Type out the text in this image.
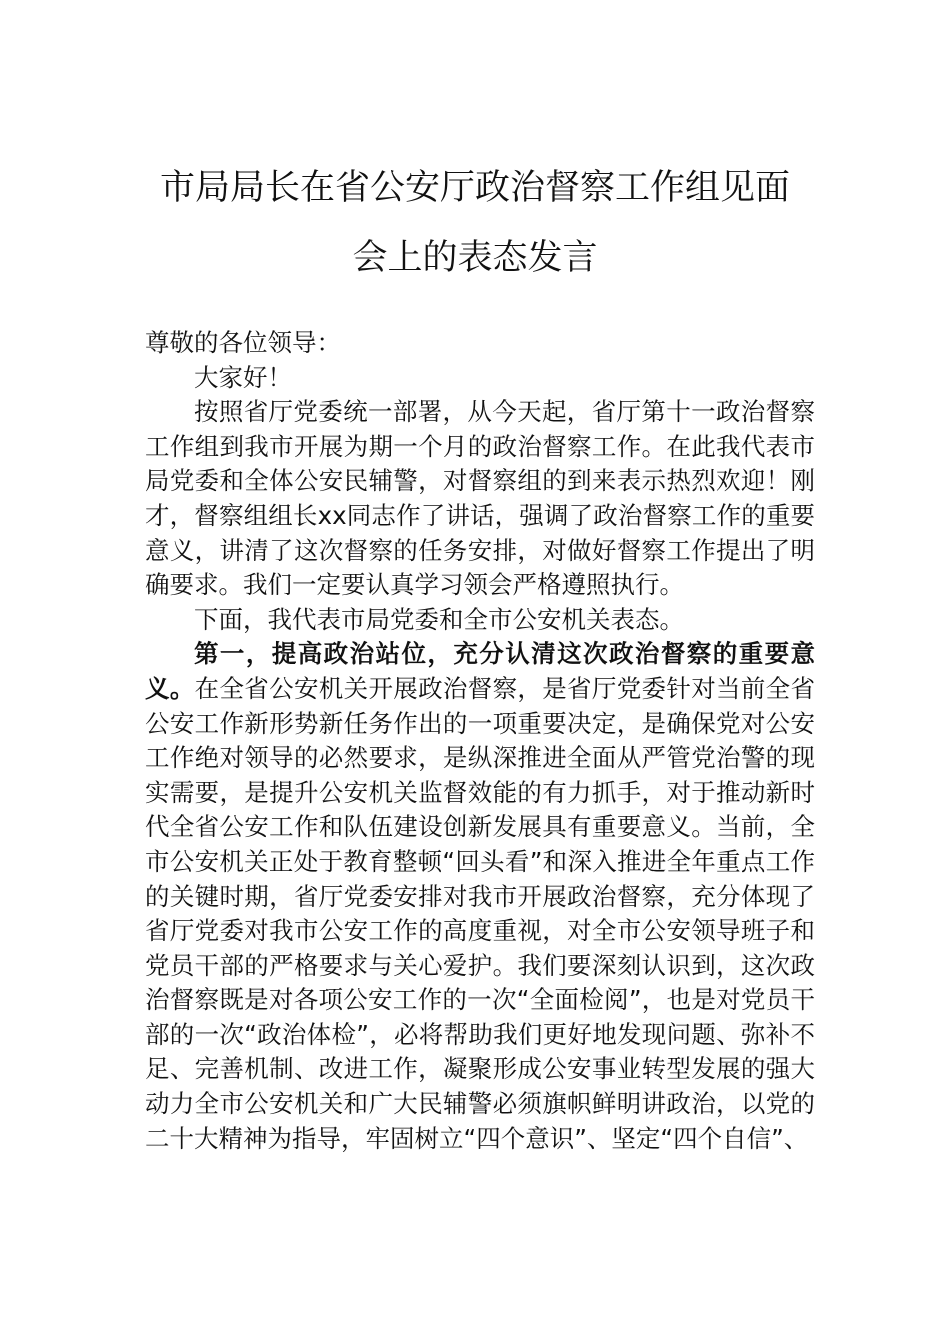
市局局长在省公安厅政治督察工作组见面
会上的表态发言

尊敬的各位领导：

大家好！

按照省厅党委统一部署，从今天起，省厅第十一政治督察工作组到我市开展为期一个月的政治督察工作。在此我代表市局党委和全体公安民辅警，对督察组的到来表示热烈欢迎！刚才，督察组组长xx同志作了讲话，强调了政治督察工作的重要意义，讲清了这次督察的任务安排，对做好督察工作提出了明确要求。我们一定要认真学习领会严格遵照执行。

下面，我代表市局党委和全市公安机关表态。

第一，提高政治站位，充分认清这次政治督察的重要意义。在全省公安机关开展政治督察，是省厅党委针对当前全省公安工作新形势新任务作出的一项重要决定，是确保党对公安工作绝对领导的必然要求，是纵深推进全面从严管党治警的现实需要，是提升公安机关监督效能的有力抓手，对于推动新时代全省公安工作和队伍建设创新发展具有重要意义。当前，全市公安机关正处于教育整顿“回头看”和深入推进全年重点工作的关键时期，省厅党委安排对我市开展政治督察，充分体现了省厅党委对我市公安工作的高度重视，对全市公安领导班子和党员干部的严格要求与关心爱护。我们要深刻认识到，这次政治督察既是对各项公安工作的一次“全面检阅”，也是对党员干部的一次“政治体检”，必将帮助我们更好地发现问题、弥补不足、完善机制、改进工作，凝聚形成公安事业转型发展的强大动力全市公安机关和广大民辅警必须旗帜鲜明讲政治，以党的二十大精神为指导，牢固树立“四个意识”、坚定“四个自信”、
